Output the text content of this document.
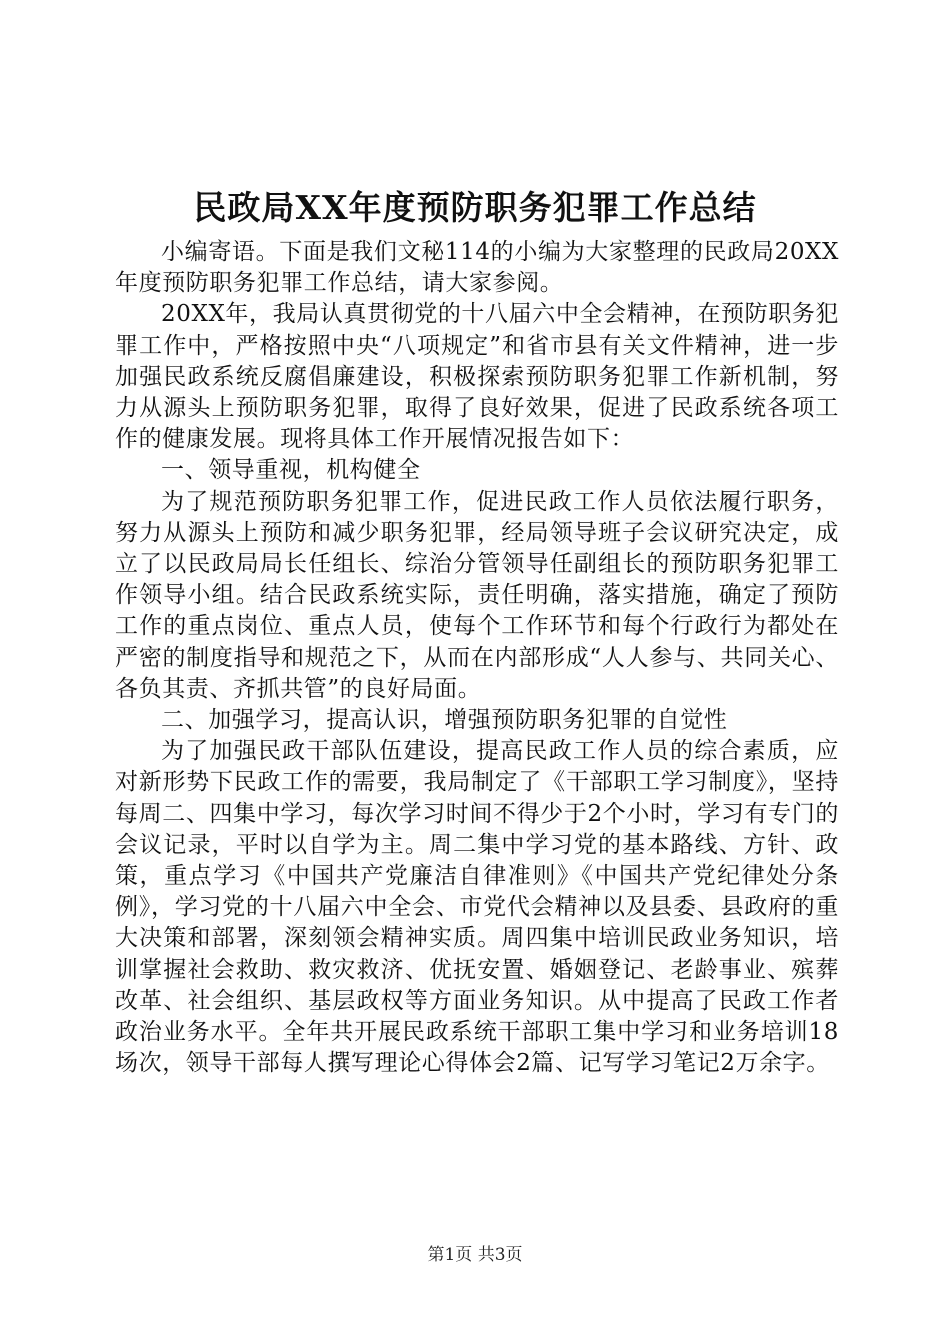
民政局XX年度预防职务犯罪工作总结

小编寄语。下面是我们文秘114的小编为大家整理的民政局20XX年度预防职务犯罪工作总结，请大家参阅。

20XX年，我局认真贯彻党的十八届六中全会精神，在预防职务犯罪工作中，严格按照中央“八项规定”和省市县有关文件精神，进一步加强民政系统反腐倡廉建设，积极探索预防职务犯罪工作新机制，努力从源头上预防职务犯罪，取得了良好效果，促进了民政系统各项工作的健康发展。现将具体工作开展情况报告如下：

一、领导重视，机构健全

为了规范预防职务犯罪工作，促进民政工作人员依法履行职务，努力从源头上预防和减少职务犯罪，经局领导班子会议研究决定，成立了以民政局局长任组长、综治分管领导任副组长的预防职务犯罪工作领导小组。结合民政系统实际，责任明确，落实措施，确定了预防工作的重点岗位、重点人员，使每个工作环节和每个行政行为都处在严密的制度指导和规范之下，从而在内部形成“人人参与、共同关心、各负其责、齐抓共管”的良好局面。

二、加强学习，提高认识，增强预防职务犯罪的自觉性

为了加强民政干部队伍建设，提高民政工作人员的综合素质，应对新形势下民政工作的需要，我局制定了《干部职工学习制度》，坚持每周二、四集中学习，每次学习时间不得少于2个小时，学习有专门的会议记录，平时以自学为主。周二集中学习党的基本路线、方针、政策，重点学习《中国共产党廉洁自律准则》《中国共产党纪律处分条例》，学习党的十八届六中全会、市党代会精神以及县委、县政府的重大决策和部署，深刻领会精神实质。周四集中培训民政业务知识，培训掌握社会救助、救灾救济、优抚安置、婚姻登记、老龄事业、殡葬改革、社会组织、基层政权等方面业务知识。从中提高了民政工作者政治业务水平。全年共开展民政系统干部职工集中学习和业务培训18场次，领导干部每人撰写理论心得体会2篇、记写学习笔记2万余字。

第1页 共3页
